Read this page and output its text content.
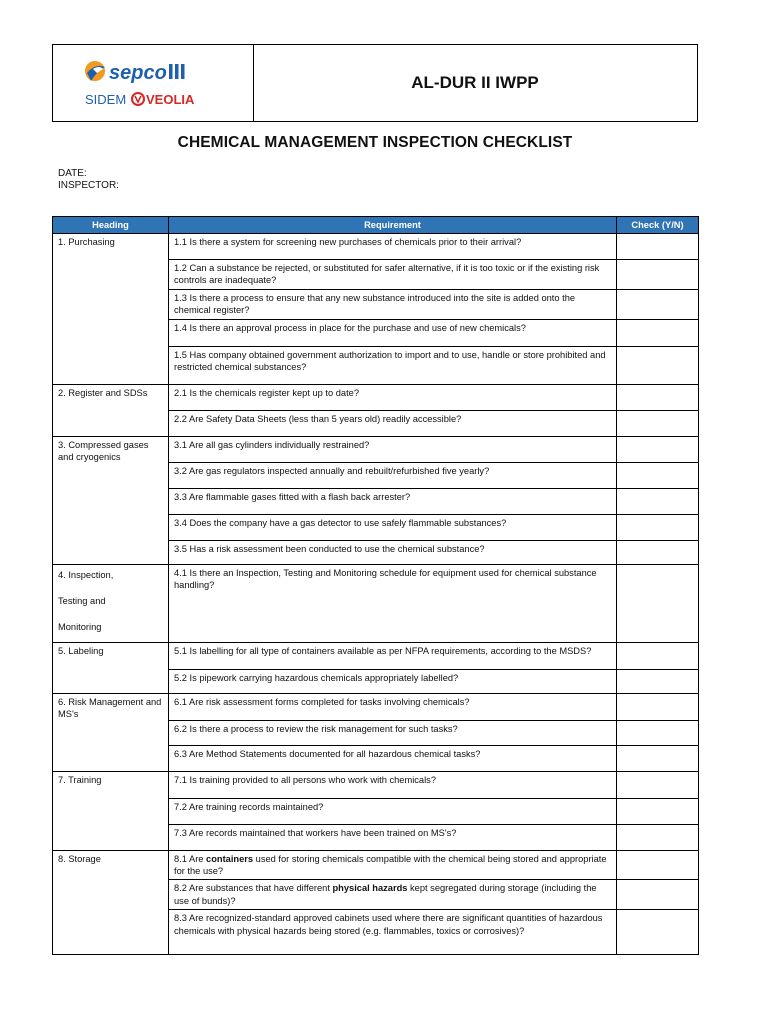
sepco
SIDEM VEOLIA
AL-DUR II IWPP
CHEMICAL MANAGEMENT INSPECTION CHECKLIST
DATE:
INSPECTOR:
Heading	Requirement	Check (Y/N)
1. Purchasing	1.1 Is there a system for screening new purchases of chemicals prior to their arrival?	
	1.2 Can a substance be rejected, or substituted for safer alternative, if it is too toxic or if the existing risk controls are inadequate?	
	1.3 Is there a process to ensure that any new substance introduced into the site is added onto the chemical register?	
	1.4 Is there an approval process in place for the purchase and use of new chemicals?	
	1.5 Has company obtained government authorization to import and to use, handle or store prohibited and restricted chemical substances?	
2. Register and SDSs	2.1 Is the chemicals register kept up to date?	
	2.2 Are Safety Data Sheets (less than 5 years old) readily accessible?	
3. Compressed gases and cryogenics	3.1 Are all gas cylinders individually restrained?	
	3.2 Are gas regulators inspected annually and rebuilt/refurbished five yearly?	
	3.3 Are flammable gases fitted with a flash back arrester?	
	3.4 Does the company have a gas detector to use safely flammable substances?	
	3.5 Has a risk assessment been conducted to use the chemical substance?	

4. Inspection,
Testing and
Monitoring	4.1 Is there an Inspection, Testing and Monitoring schedule for equipment used for chemical substance handling?	
5. Labeling	5.1 Is labelling for all type of containers available as per NFPA requirements, according to the MSDS?	
	5.2 Is pipework carrying hazardous chemicals appropriately labelled?	
6. Risk Management and MS's	6.1 Are risk assessment forms completed for tasks involving chemicals?	
	6.2 Is there a process to review the risk management for such tasks?	
	6.3 Are Method Statements documented for all hazardous chemical tasks?	
7. Training	7.1 Is training provided to all persons who work with chemicals?	
	7.2 Are training records maintained?	
	7.3 Are records maintained that workers have been trained on MS's?	
8. Storage	8.1 Are containers used for storing chemicals compatible with the chemical being stored and appropriate for the use?	
	8.2 Are substances that have different physical hazards kept segregated during storage (including the use of bunds)?	
	8.3 Are recognized-standard approved cabinets used where there are significant quantities of hazardous chemicals with physical hazards being stored (e.g. flammables, toxics or corrosives)?	
